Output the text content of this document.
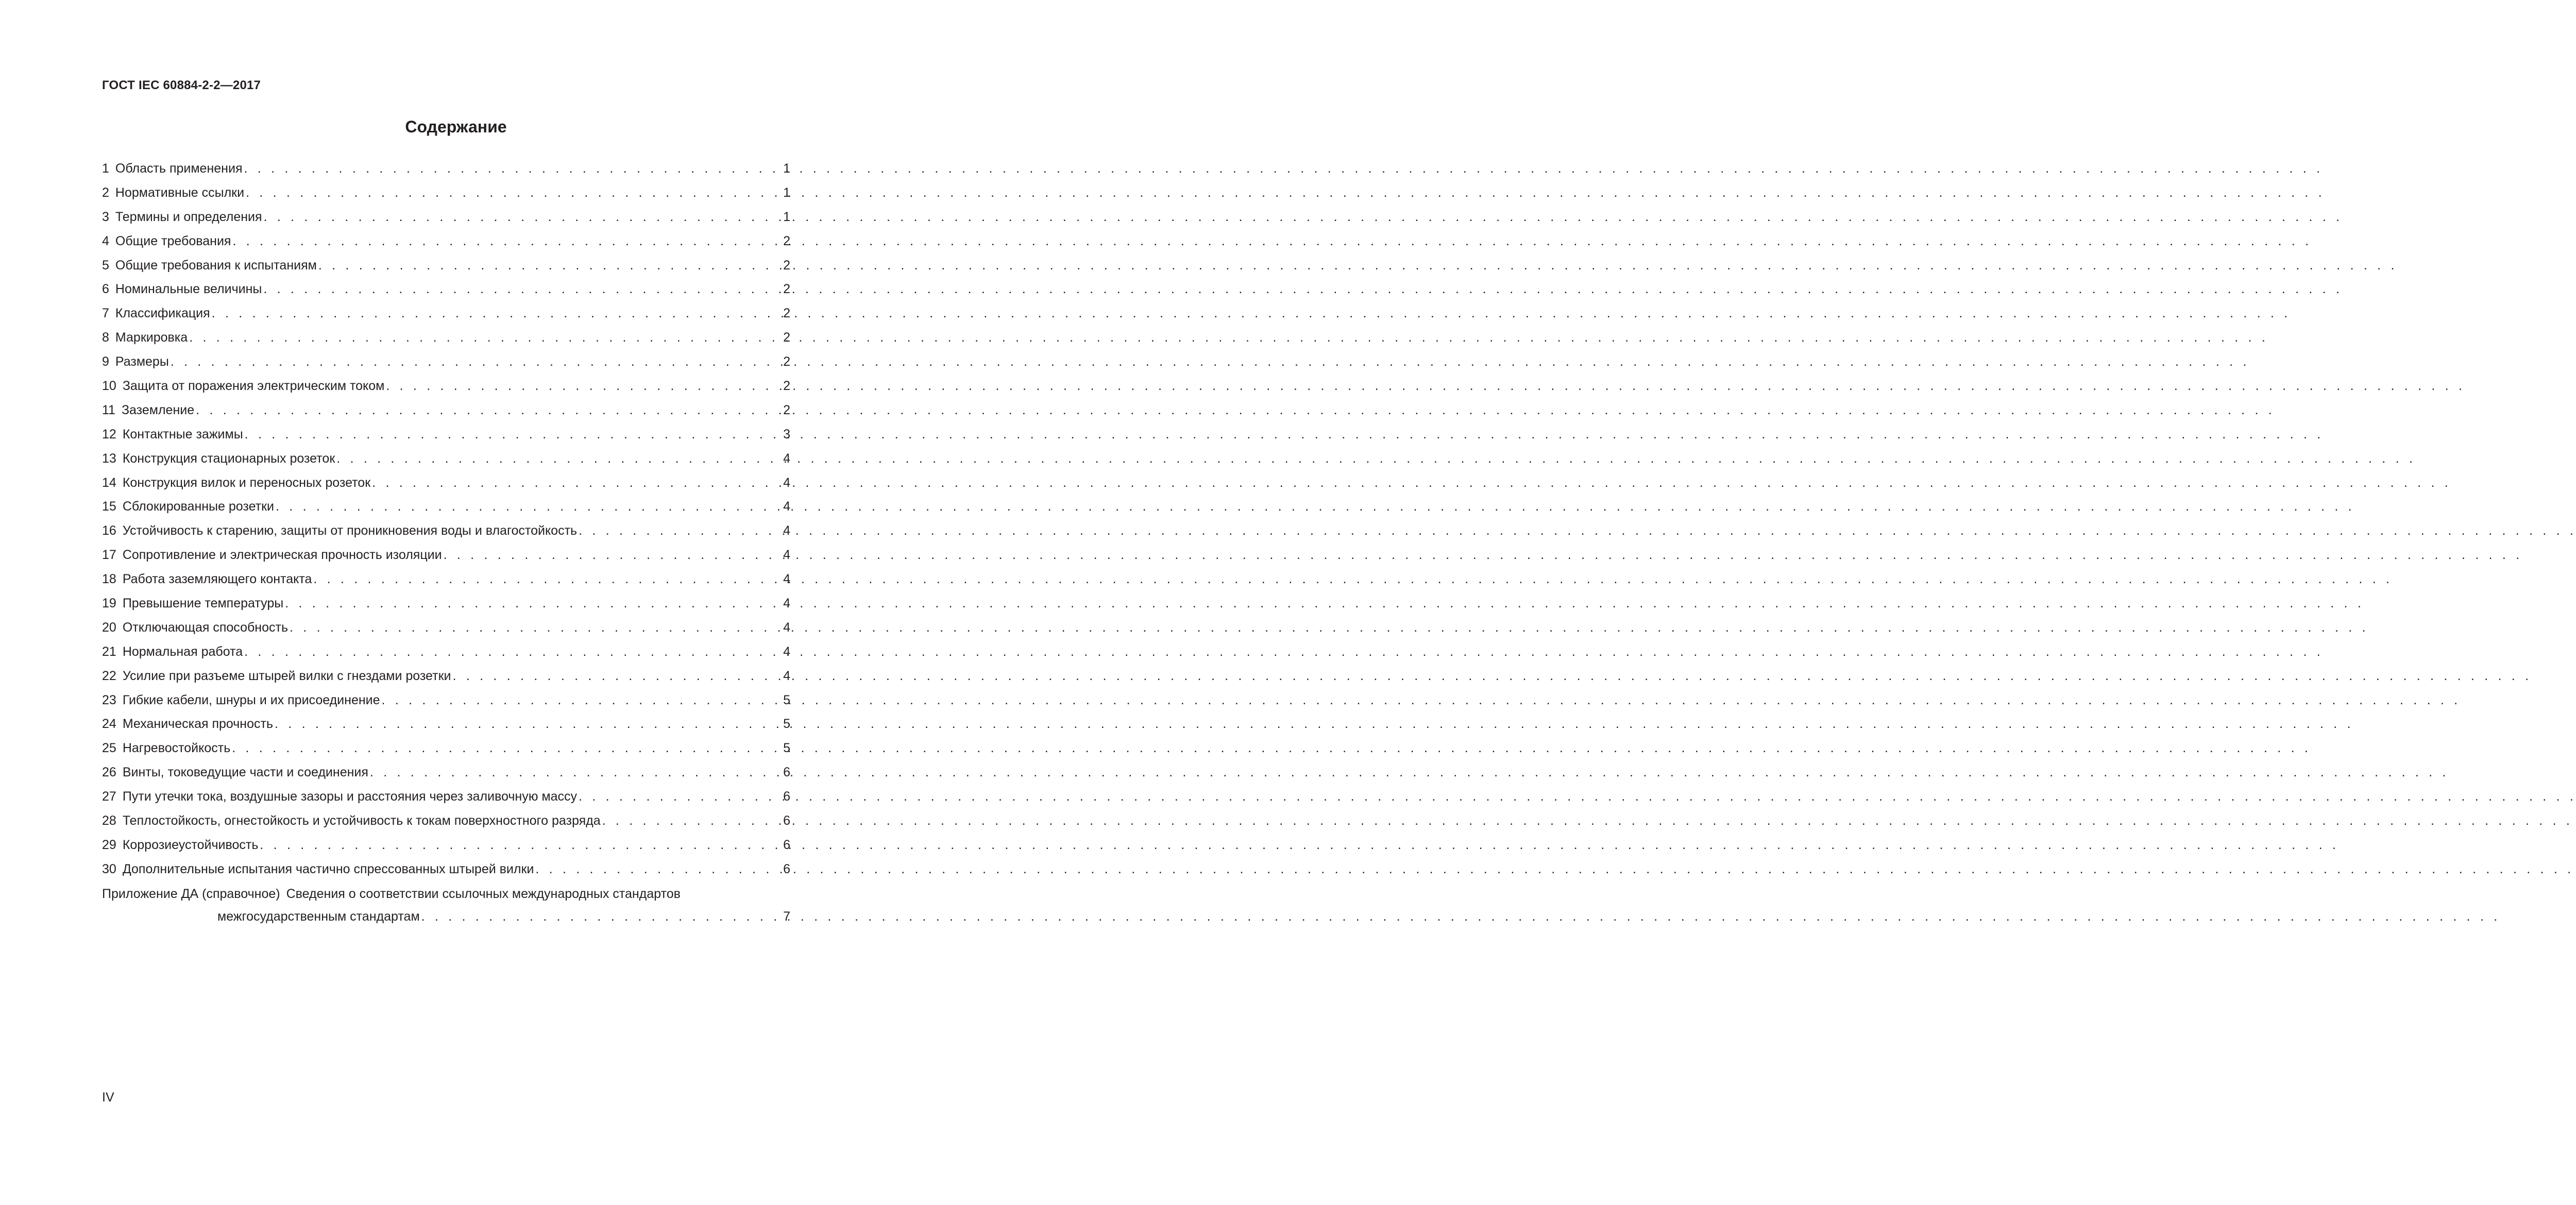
ГОСТ IEC 60884-2-2—2017
Содержание
1 Область применения . . .	1
2 Нормативные ссылки . . .	1
3 Термины и определения . . .	1
4 Общие требования . . .	2
5 Общие требования к испытаниям . . .	2
6 Номинальные величины . . .	2
7 Классификация . . .	2
8 Маркировка . . .	2
9 Размеры . . .	2
10 Защита от поражения электрическим током . . .	2
11 Заземление . . .	2
12 Контактные зажимы . . .	3
13 Конструкция стационарных розеток . . .	4
14 Конструкция вилок и переносных розеток . . .	4
15 Сблокированные розетки . . .	4
16 Устойчивость к старению, защиты от проникновения воды и влагостойкость . . .	4
17 Сопротивление и электрическая прочность изоляции . . .	4
18 Работа заземляющего контакта . . .	4
19 Превышение температуры . . .	4
20 Отключающая способность . . .	4
21 Нормальная работа . . .	4
22 Усилие при разъеме штырей вилки с гнездами розетки . . .	4
23 Гибкие кабели, шнуры и их присоединение . . .	5
24 Механическая прочность . . .	5
25 Нагревостойкость . . .	5
26 Винты, токоведущие части и соединения . . .	6
27 Пути утечки тока, воздушные зазоры и расстояния через заливочную массу . . .	6
28 Теплостойкость, огнестойкость и устойчивость к токам поверхностного разряда . . .	6
29 Коррозиеустойчивость . . .	6
30 Дополнительные испытания частично спрессованных штырей вилки . . .	6
Приложение ДА (справочное) Сведения о соответствии ссылочных международных стандартов
межгосударственным стандартам . . .	7
IV
